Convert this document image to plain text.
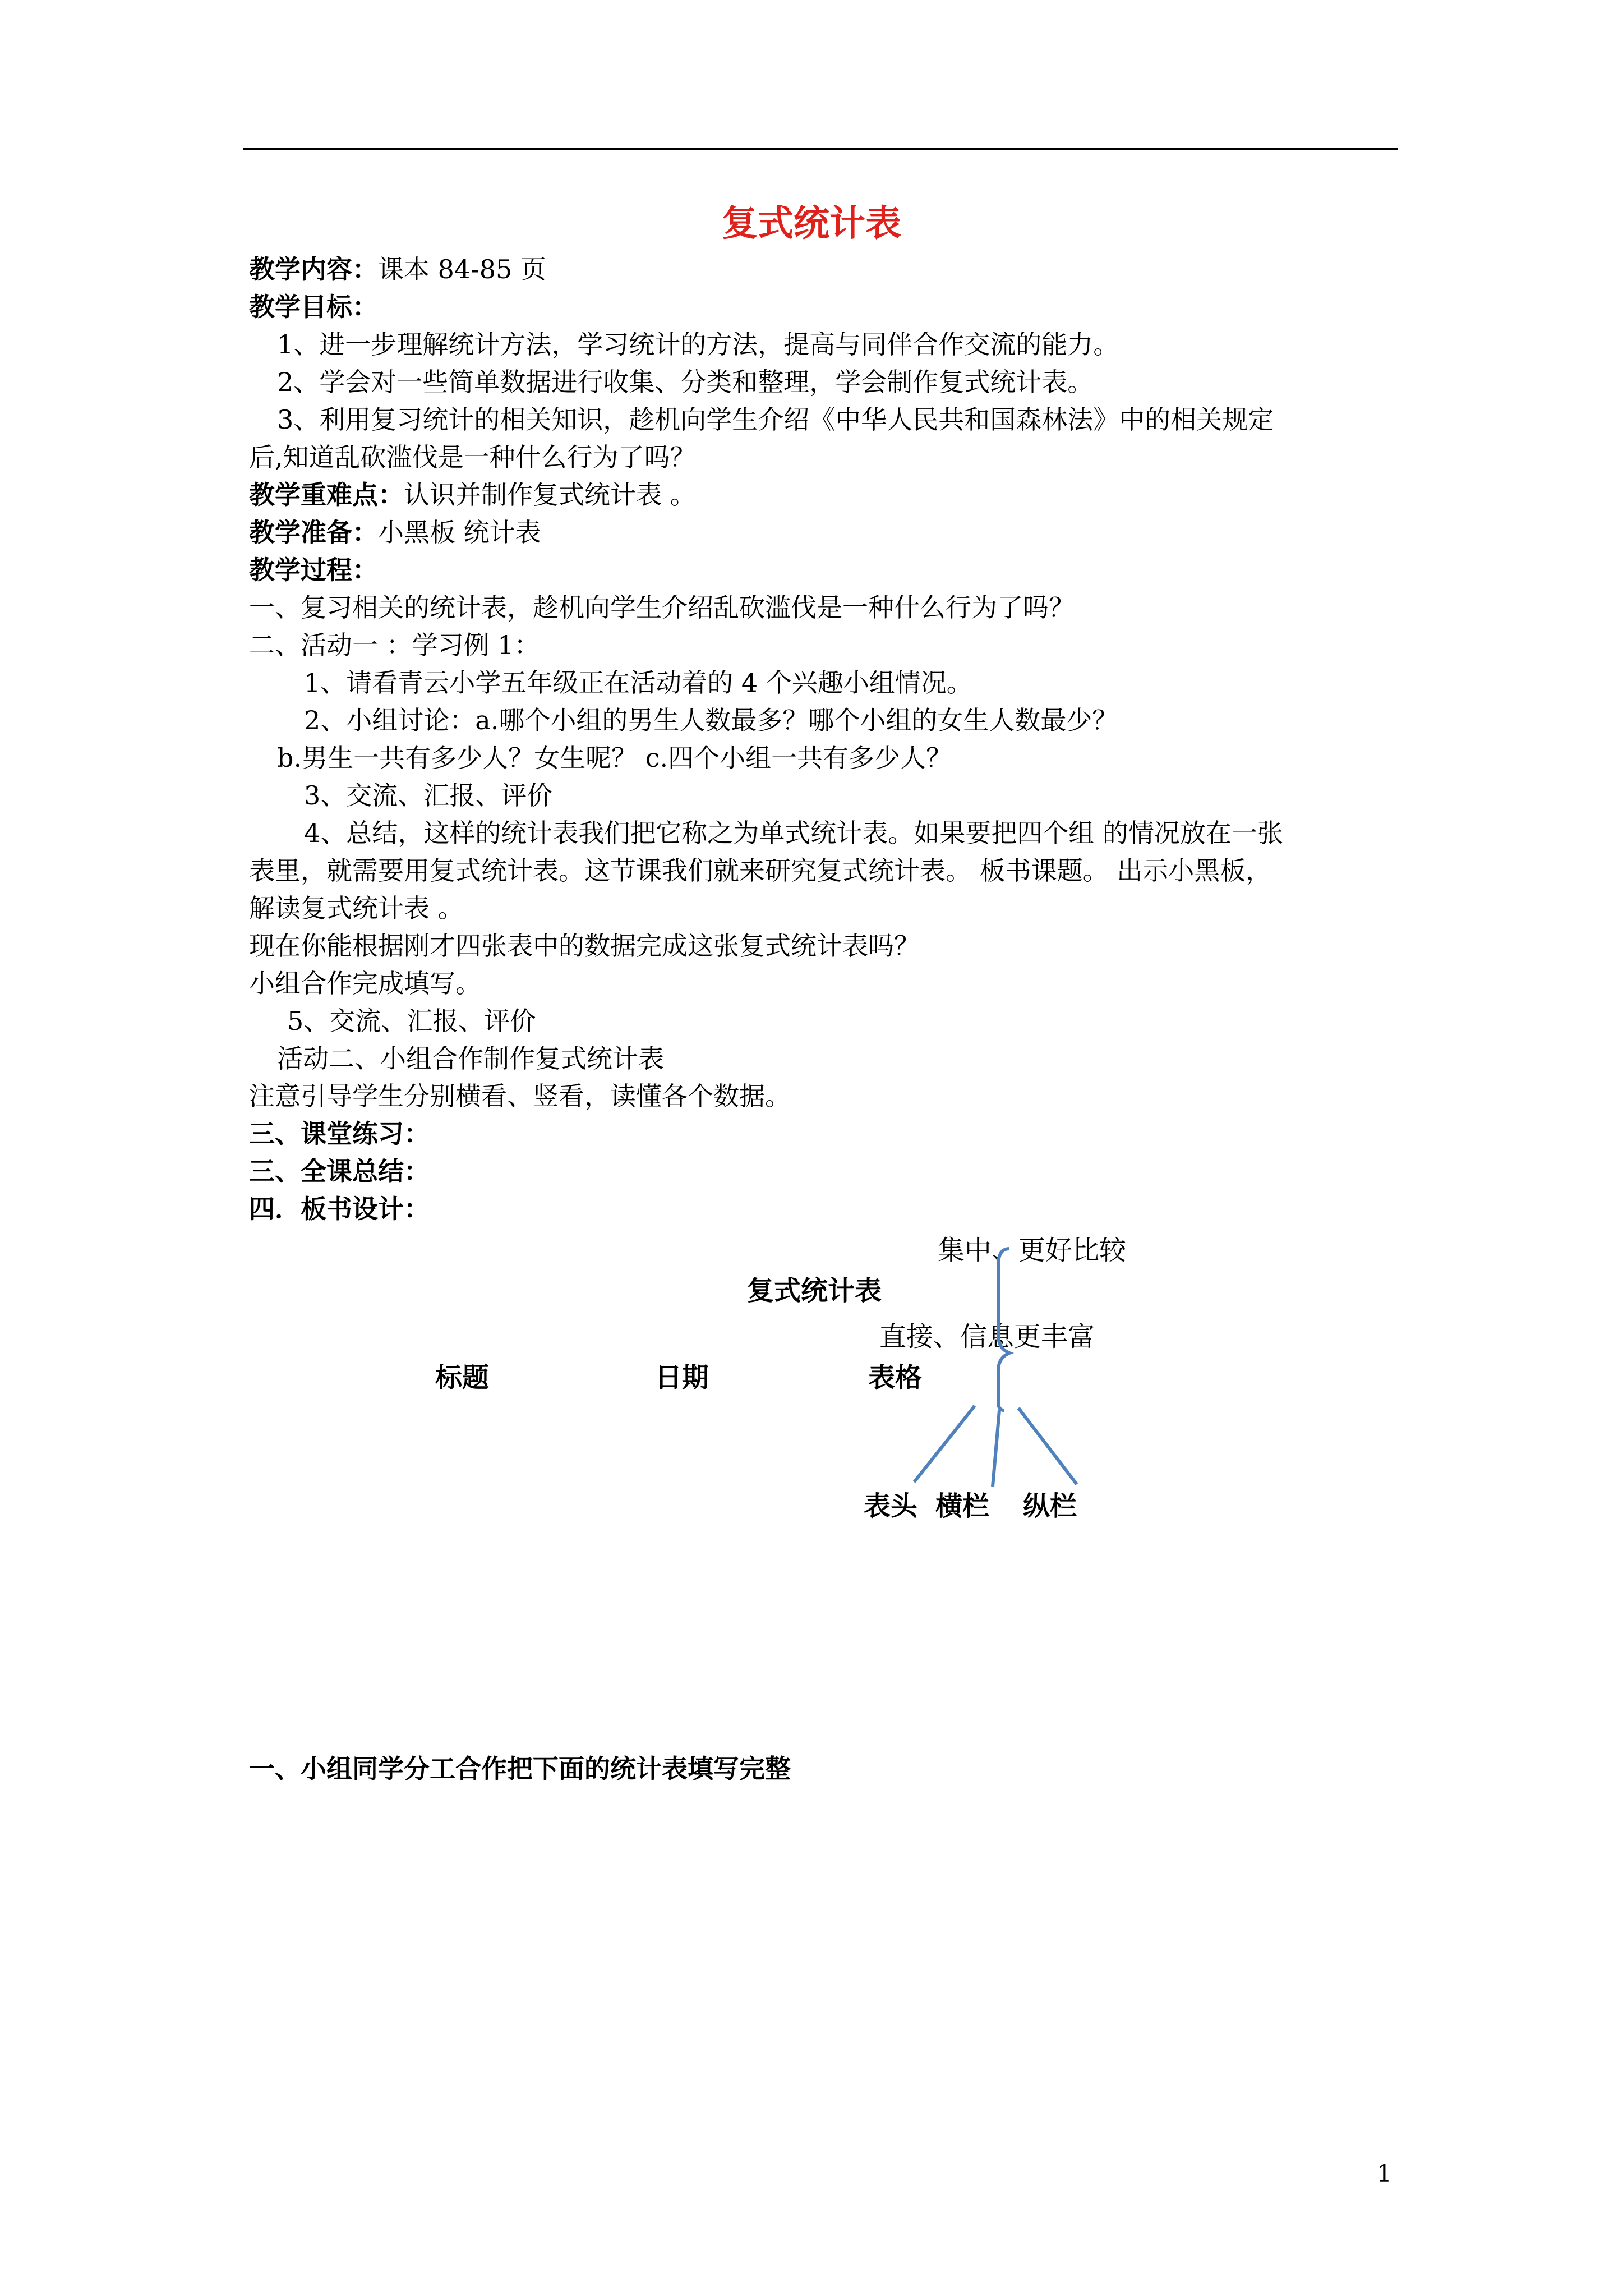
复式统计表
教学内容：课本 84-85 页
教学目标：
1、进一步理解统计方法，学习统计的方法，提高与同伴合作交流的能力。
2、学会对一些简单数据进行收集、分类和整理，学会制作复式统计表。
3、利用复习统计的相关知识，趁机向学生介绍《中华人民共和国森林法》中的相关规定
后,知道乱砍滥伐是一种什么行为了吗？
教学重难点：认识并制作复式统计表 。
教学准备：小黑板 统计表
教学过程：
一、复习相关的统计表，趁机向学生介绍乱砍滥伐是一种什么行为了吗？
二、活动一 ：学习例 1：
1、请看青云小学五年级正在活动着的 4 个兴趣小组情况。
2、小组讨论：a.哪个小组的男生人数最多？哪个小组的女生人数最少？
b.男生一共有多少人？女生呢？ c.四个小组一共有多少人？
3、交流、汇报、评价
4、总结，这样的统计表我们把它称之为单式统计表。如果要把四个组 的情况放在一张
表里，就需要用复式统计表。这节课我们就来研究复式统计表。 板书课题。 出示小黑板，
解读复式统计表 。
现在你能根据刚才四张表中的数据完成这张复式统计表吗？
小组合作完成填写。
5、交流、汇报、评价
活动二、小组合作制作复式统计表
注意引导学生分别横看、竖看，读懂各个数据。
三、课堂练习：
三、全课总结：
四．板书设计：
集中、更好比较
复式统计表
直接、信息更丰富
标题	日期	表格
表头 横栏 纵栏
一、小组同学分工合作把下面的统计表填写完整
1
